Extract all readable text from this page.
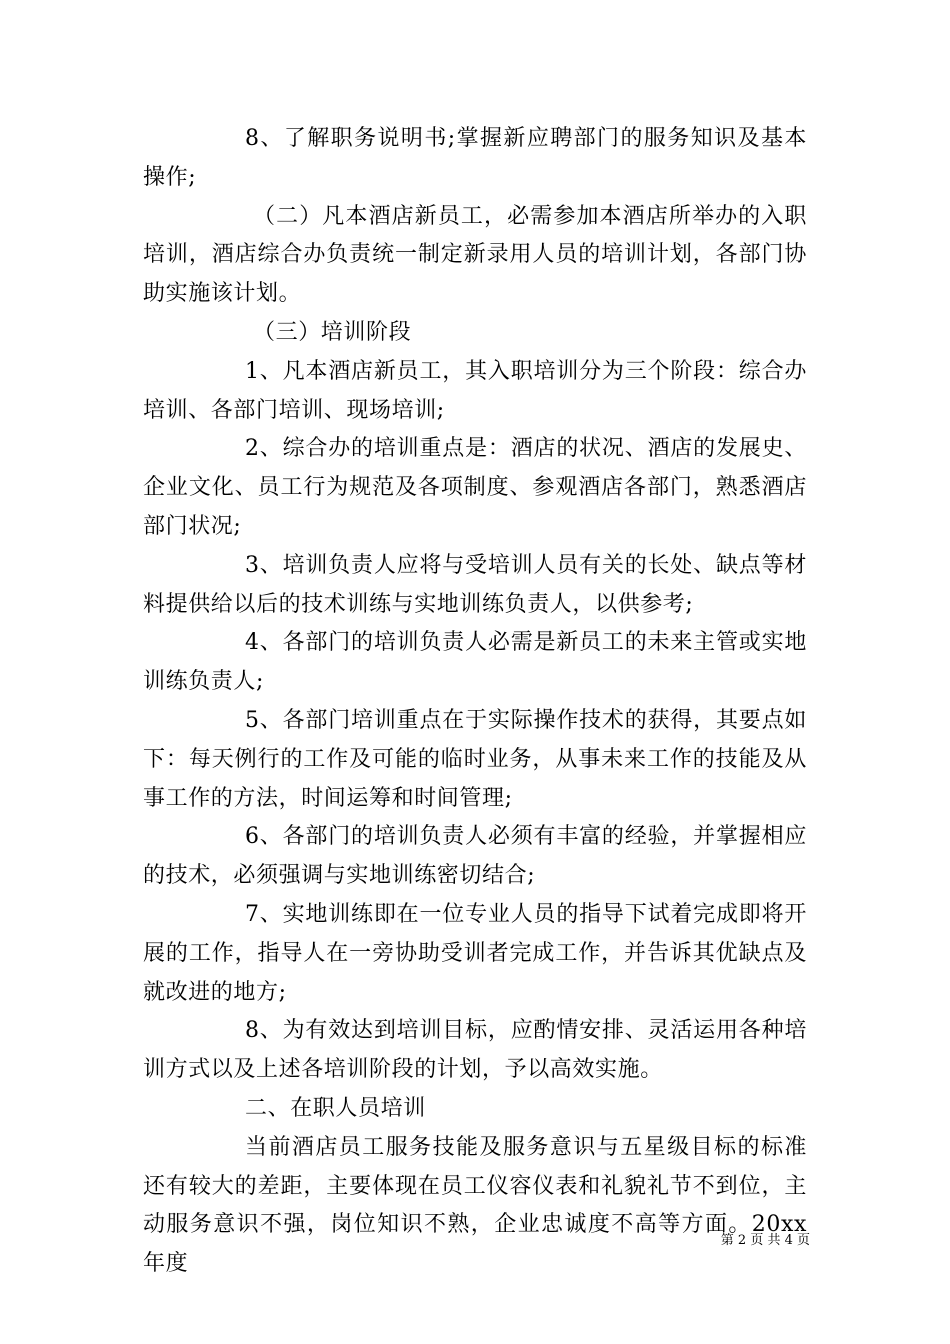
8、了解职务说明书;掌握新应聘部门的服务知识及基本操作;

（二）凡本酒店新员工，必需参加本酒店所举办的入职培训，酒店综合办负责统一制定新录用人员的培训计划，各部门协助实施该计划。

（三）培训阶段

1、凡本酒店新员工，其入职培训分为三个阶段：综合办培训、各部门培训、现场培训;

2、综合办的培训重点是：酒店的状况、酒店的发展史、企业文化、员工行为规范及各项制度、参观酒店各部门，熟悉酒店部门状况;

3、培训负责人应将与受培训人员有关的长处、缺点等材料提供给以后的技术训练与实地训练负责人，以供参考;

4、各部门的培训负责人必需是新员工的未来主管或实地训练负责人;

5、各部门培训重点在于实际操作技术的获得，其要点如下：每天例行的工作及可能的临时业务，从事未来工作的技能及从事工作的方法，时间运筹和时间管理;

6、各部门的培训负责人必须有丰富的经验，并掌握相应的技术，必须强调与实地训练密切结合;

7、实地训练即在一位专业人员的指导下试着完成即将开展的工作，指导人在一旁协助受训者完成工作，并告诉其优缺点及就改进的地方;

8、为有效达到培训目标，应酌情安排、灵活运用各种培训方式以及上述各培训阶段的计划，予以高效实施。

二、在职人员培训

当前酒店员工服务技能及服务意识与五星级目标的标准还有较大的差距，主要体现在员工仪容仪表和礼貌礼节不到位，主动服务意识不强，岗位知识不熟，企业忠诚度不高等方面。20xx年度

第 2 页 共 4 页
